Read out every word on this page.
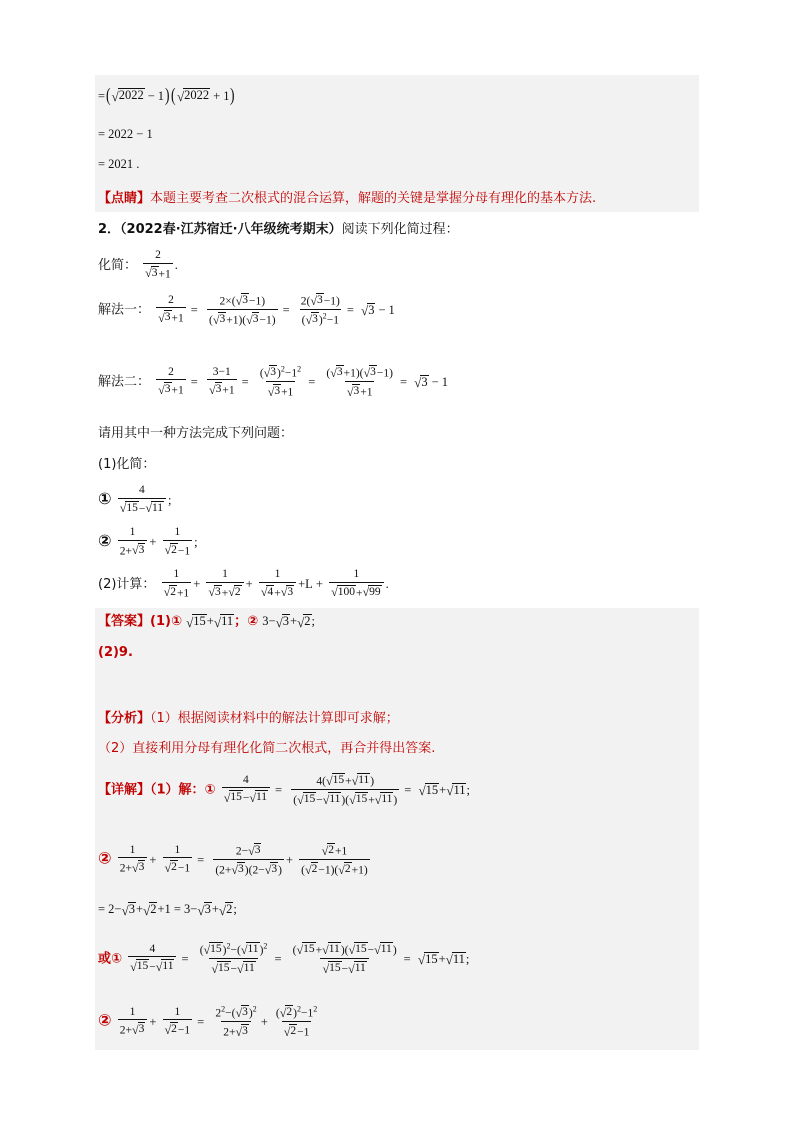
= ( √ 2022 − 1 ) ( √ 2022 + 1 )
= 2022 − 1
= 2021 .
【点睛】本题主要考查二次根式的混合运算，解题的关键是掌握分母有理化的基本方法.
2．（2022春·江苏宿迁·八年级统考期末）阅读下列化简过程：
化简： $\frac{2}{√ 3 +1}$ .
解法一： $\frac{2}{√ 3 +1} = \frac{2\times( √ 3 -1)}{( √ 3 +1)( √ 3 -1)} = \frac{2( √ 3 -1)}{( √ 3 )^2-1}$ = √ 3 − 1
解法二： $\frac{2}{√ 3 +1} = \frac{3-1}{√ 3 +1} = \frac{( √ 3 )^2-1^2}{√ 3 +1} = \frac{( √ 3 +1)( √ 3 -1)}{√ 3 +1}$ = √ 3 − 1
请用其中一种方法完成下列问题：
(1)化简：
① $\frac{4}{√ 15 - √ 11}$ ;
② $\frac{1}{2+ √ 3} + \frac{1}{√ 2 -1}$ ;
(2)计算： $\frac{1}{√ 2 +1} + \frac{1}{√ 3 + √ 2} + \frac{1}{√ 4 + √ 3} +L + \frac{1}{√ 100 + √ 99}$ .
【答案】(1)① √ 15 + √ 11 ；② 3− √ 3 + √ 2 ;
(2)9.
【分析】（1）根据阅读材料中的解法计算即可求解；
（2）直接利用分母有理化化简二次根式，再合并得出答案.
【详解】（1）解：① $\frac{4}{√ 15 - √ 11} = \frac{4( √ 15 + √ 11 )}{( √ 15 - √ 11 )( √ 15 + √ 11 )}$ = √ 15 + √ 11 ;
② $\frac{1}{2+ √ 3} + \frac{1}{√ 2 -1} = \frac{2- √ 3}{(2+ √ 3 )(2- √ 3 )} + \frac{√ 2 +1}{( √ 2 -1)( √ 2 +1)}$
= 2− √ 3 + √ 2 +1 = 3− √ 3 + √ 2 ;
或① $\frac{4}{√ 15 - √ 11} = \frac{( √ 15 )^2-( √ 11 )^2}{√ 15 - √ 11} = \frac{( √ 15 + √ 11 )( √ 15 - √ 11 )}{√ 15 - √ 11}$ = √ 15 + √ 11 ;
② $\frac{1}{2+ √ 3} + \frac{1}{√ 2 -1} = \frac{2^2-( √ 3 )^2}{2+ √ 3} + \frac{( √ 2 )^2-1^2}{√ 2 -1}$
